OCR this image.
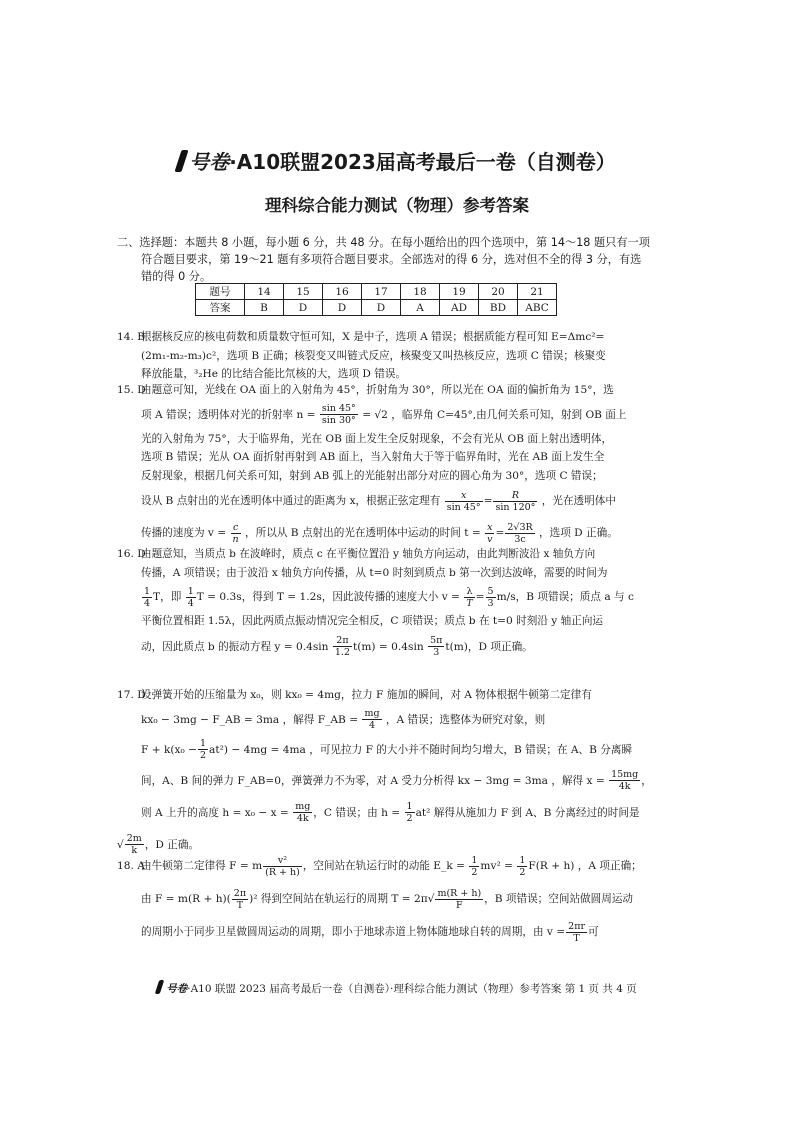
号卷·A10联盟2023届高考最后一卷（自测卷）
理科综合能力测试（物理）参考答案
二、选择题：本题共 8 小题，每小题 6 分，共 48 分。在每小题给出的四个选项中，第 14～18 题只有一项
符合题目要求，第 19～21 题有多项符合题目要求。全部选对的得 6 分，选对但不全的得 3 分，有选
错的得 0 分。
题号	14	15	16	17	18	19	20	21
答案	B	D	D	D	A	AD	BD	ABC
14. B

根据核反应的核电荷数和质量数守恒可知，X 是中子，选项 A 错误；根据质能方程可知 E=Δmc²=

(2m₁-m₂-m₃)c²，选项 B 正确；核裂变又叫链式反应，核聚变又叫热核反应，选项 C 错误；核聚变

释放能量，³₂He 的比结合能比氘核的大，选项 D 错误。

15. D

由题意可知，光线在 OA 面上的入射角为 45°，折射角为 30°，所以光在 OA 面的偏折角为 15°，选

项 A 错误；透明体对光的折射率 $n = \frac{\sin 45^\circ}{\sin 30^\circ} = √2$ ，临界角 C=45°,由几何关系可知，射到 OB 面上

光的入射角为 75°，大于临界角，光在 OB 面上发生全反射现象，不会有光从 OB 面上射出透明体，

选项 B 错误；光从 OA 面折射再射到 AB 面上，当入射角大于等于临界角时，光在 AB 面上发生全

反射现象，根据几何关系可知，射到 AB 弧上的光能射出部分对应的圆心角为 30°，选项 C 错误；

设从 B 点射出的光在透明体中通过的距离为 x，根据正弦定理有 $\frac{x}{\sin 45^\circ} = \frac{R}{\sin 120^\circ}$ ，光在透明体中

传播的速度为 $v = \frac{c}{n}$ ，所以从 B 点射出的光在透明体中运动的时间 $t = \frac{x}{v} = \frac{2√3R}{3c}$ ，选项 D 正确。

16. D

由题意知，当质点 b 在波峰时，质点 c 在平衡位置沿 y 轴负方向运动，由此判断波沿 x 轴负方向

传播，A 项错误；由于波沿 x 轴负方向传播，从 t=0 时刻到质点 b 第一次到达波峰，需要的时间为

$\frac{1}{4}$ T，即 $\frac{1}{4}$ T = 0.3s，得到 T = 1.2s，因此波传播的速度大小 $v = \frac{\lambda}{T} = \frac{5}{3} m/s$，B 项错误；质点 a 与 c

平衡位置相距 1.5λ，因此两质点振动情况完全相反，C 项错误；质点 b 在 t=0 时刻沿 y 轴正向运

动，因此质点 b 的振动方程 $y = 0.4\sin \frac{2\pi}{1.2} t(m) = 0.4\sin \frac{5\pi}{3} t(m)$，D 项正确。

17. D

设弹簧开始的压缩量为 x₀，则 kx₀ = 4mg，拉力 F 施加的瞬间，对 A 物体根据牛顿第二定律有

kx₀ − 3mg − F_AB = 3ma ，解得 F_AB = $\frac{mg}{4}$ ，A 错误；选整体为研究对象，则

$F + k(x_0 - \frac{1}{2} at^2) - 4mg = 4ma$ ，可见拉力 F 的大小并不随时间均匀增大，B 错误；在 A、B 分离瞬

间，A、B 间的弹力 F_AB=0，弹簧弹力不为零，对 A 受力分析得 kx − 3mg = 3ma ，解得 $x = \frac{15mg}{4k}$ ，

则 A 上升的高度 $h = x_0 - x = \frac{mg}{4k}$ ，C 错误；由 $h = \frac{1}{2} at^2$ 解得从施加力 F 到 A、B 分离经过的时间是

√ $\frac{2m}{k}$ ，D 正确。

18. A

由牛顿第二定律得 F = m $\frac{\text{v²}}{(R + h)}$ ，空间站在轨运行时的动能 E_k = $\frac{1}{2} mv^2 = \frac{1}{2} F(R + h)$ ，A 项正确；

由 $F = m(R + h)( \frac{2\pi}{T} )^2$ 得到空间站在轨运行的周期 $T = 2\pi√ \frac{m(R + h)}{F}$ ，B 项错误；空间站做圆周运动

的周期小于同步卫星做圆周运动的周期，即小于地球赤道上物体随地球自转的周期，由 $v = \frac{2\pi r}{T}$ 可

号卷·A10 联盟 2023 届高考最后一卷（自测卷）·理科综合能力测试（物理）参考答案 第 1 页 共 4 页
